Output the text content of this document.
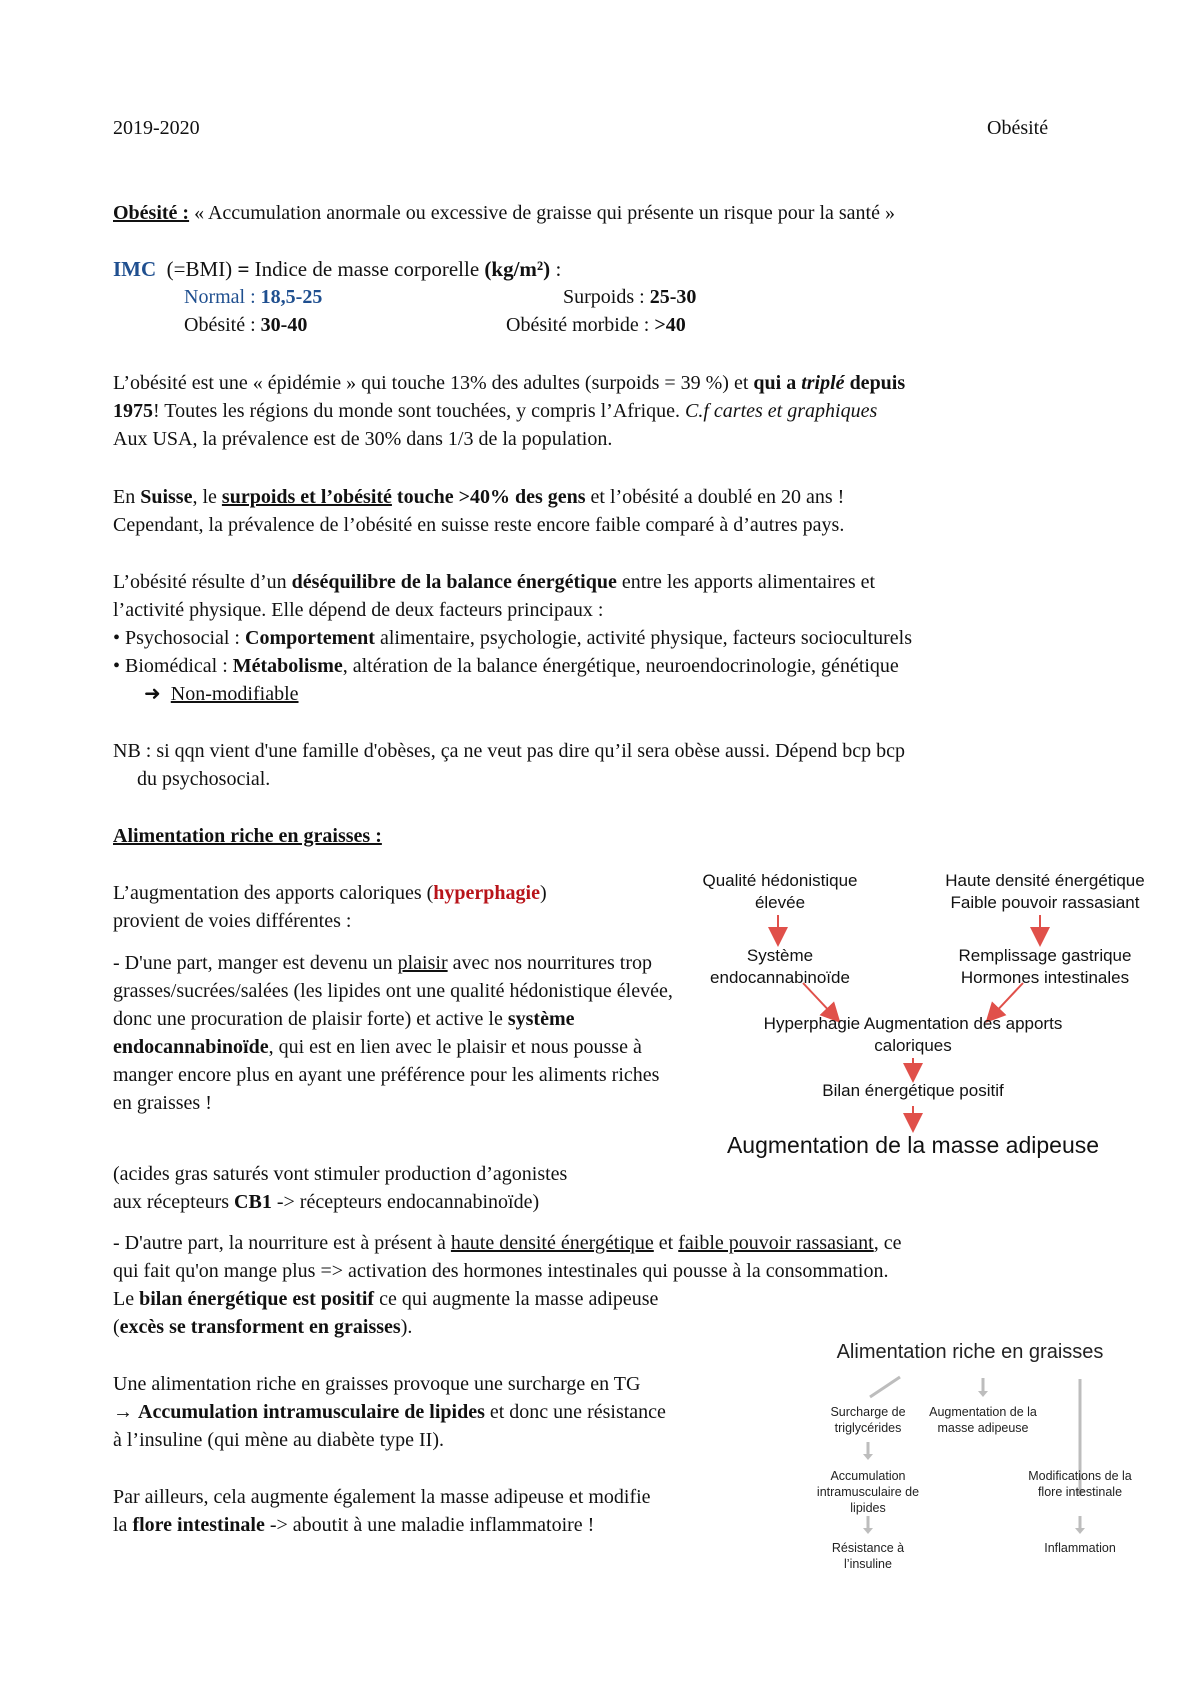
2019-2020	Obésité
Obésité : « Accumulation anormale ou excessive de graisse qui présente un risque pour la santé »
IMC (=BMI) = Indice de masse corporelle (kg/m²) :
Normal : 18,5-25	Surpoids : 25-30
Obésité : 30-40	Obésité morbide : >40
L’obésité est une « épidémie » qui touche 13% des adultes (surpoids = 39 %) et qui a triplé depuis
1975! Toutes les régions du monde sont touchées, y compris l’Afrique. C.f cartes et graphiques
Aux USA, la prévalence est de 30% dans 1/3 de la population.
En Suisse, le surpoids et l’obésité touche >40% des gens et l’obésité a doublé en 20 ans !
Cependant, la prévalence de l’obésité en suisse reste encore faible comparé à d’autres pays.
L’obésité résulte d’un déséquilibre de la balance énergétique entre les apports alimentaires et
l’activité physique. Elle dépend de deux facteurs principaux :
• Psychosocial : Comportement alimentaire, psychologie, activité physique, facteurs socioculturels
• Biomédical : Métabolisme, altération de la balance énergétique, neuroendocrinologie, génétique
➜ Non-modifiable
NB : si qqn vient d'une famille d'obèses, ça ne veut pas dire qu’il sera obèse aussi. Dépend bcp bcp
du psychosocial.
Alimentation riche en graisses :
L’augmentation des apports caloriques (hyperphagie)
provient de voies différentes :
- D'une part, manger est devenu un plaisir avec nos nourritures trop grasses/sucrées/salées (les lipides ont une qualité hédonistique élevée, donc une procuration de plaisir forte) et active le système endocannabinoïde, qui est en lien avec le plaisir et nous pousse à manger encore plus en ayant une préférence pour les aliments riches en graisses !
(acides gras saturés vont stimuler production d’agonistes
aux récepteurs CB1 -> récepteurs endocannabinoïde)
- D'autre part, la nourriture est à présent à haute densité énergétique et faible pouvoir rassasiant, ce
qui fait qu'on mange plus => activation des hormones intestinales qui pousse à la consommation.
Le bilan énergétique est positif ce qui augmente la masse adipeuse
(excès se transforment en graisses).
Une alimentation riche en graisses provoque une surcharge en TG
→ Accumulation intramusculaire de lipides et donc une résistance
à l’insuline (qui mène au diabète type II).
Par ailleurs, cela augmente également la masse adipeuse et modifie
la flore intestinale -> aboutit à une maladie inflammatoire !
Qualité hédonistique élevée
Haute densité énergétique Faible pouvoir rassasiant
Système endocannabinoïde
Remplissage gastrique Hormones intestinales
Hyperphagie Augmentation des apports caloriques
Bilan énergétique positif
Augmentation de la masse adipeuse
Alimentation riche en graisses
Surcharge de triglycérides
Augmentation de la masse adipeuse
Accumulation intramusculaire de lipides
Modifications de la flore intestinale
Résistance à l’insuline
Inflammation
